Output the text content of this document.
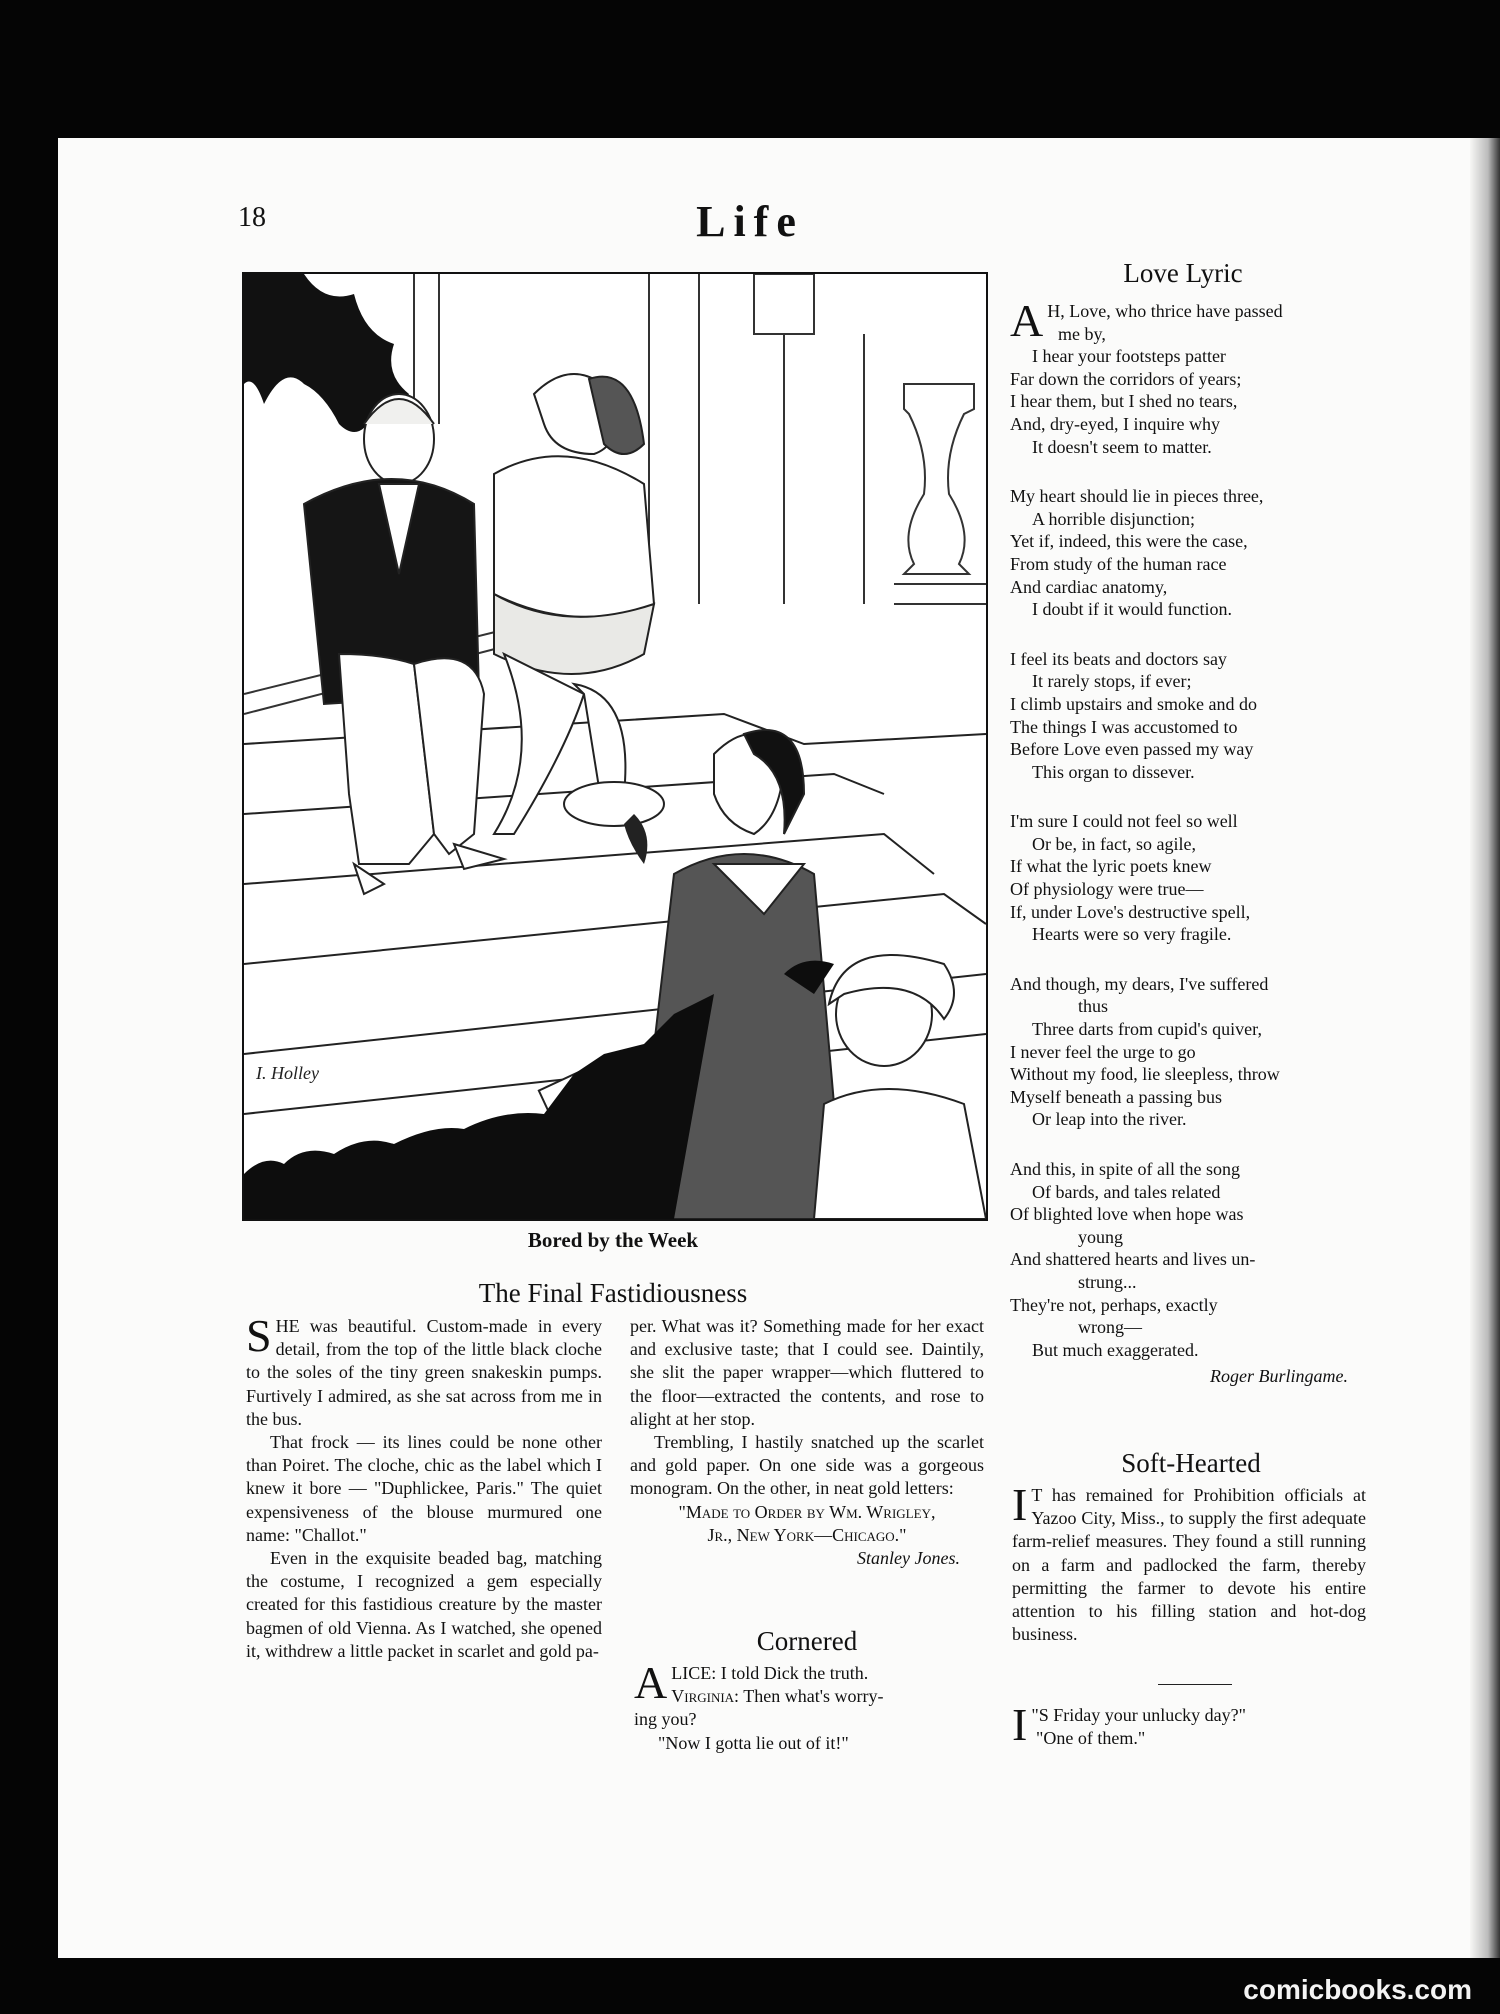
18	Life
I. Holley
Bored by the Week
The Final Fastidiousness

SHE was beautiful. Custom-made in every detail, from the top of the little black cloche to the soles of the tiny green snakeskin pumps. Furtively I admired, as she sat across from me in the bus.

That frock — its lines could be none other than Poiret. The cloche, chic as the label which I knew it bore — "Duphlickee, Paris." The quiet expensiveness of the blouse murmured one name: "Challot."

Even in the exquisite beaded bag, matching the costume, I recognized a gem especially created for this fastidious creature by the master bagmen of old Vienna. As I watched, she opened it, withdrew a little packet in scarlet and gold pa-

per. What was it? Something made for her exact and exclusive taste; that I could see. Daintily, she slit the paper wrapper—which fluttered to the floor—extracted the contents, and rose to alight at her stop.

Trembling, I hastily snatched up the scarlet and gold paper. On one side was a gorgeous monogram. On the other, in neat gold letters:

"Made to Order by Wm. Wrigley,
Jr., New York—Chicago."
Stanley Jones.
Cornered
ALICE: I told Dick the truth.
Virginia: Then what's worry-
ing you?
"Now I gotta lie out of it!"
Love Lyric
A H, Love, who thrice have passed
me by,
I hear your footsteps patter
Far down the corridors of years;
I hear them, but I shed no tears,
And, dry-eyed, I inquire why
It doesn't seem to matter.
My heart should lie in pieces three,
A horrible disjunction;
Yet if, indeed, this were the case,
From study of the human race
And cardiac anatomy,
I doubt if it would function.
I feel its beats and doctors say
It rarely stops, if ever;
I climb upstairs and smoke and do
The things I was accustomed to
Before Love even passed my way
This organ to dissever.
I'm sure I could not feel so well
Or be, in fact, so agile,
If what the lyric poets knew
Of physiology were true—
If, under Love's destructive spell,
Hearts were so very fragile.
And though, my dears, I've suffered
thus
Three darts from cupid's quiver,
I never feel the urge to go
Without my food, lie sleepless, throw
Myself beneath a passing bus
Or leap into the river.
And this, in spite of all the song
Of bards, and tales related
Of blighted love when hope was
young
And shattered hearts and lives un-
strung...
They're not, perhaps, exactly
wrong—
But much exaggerated.
Roger Burlingame.
Soft-Hearted

I T has remained for Prohibition officials at Yazoo City, Miss., to supply the first adequate farm-relief measures. They found a still running on a farm and padlocked the farm, thereby permitting the farmer to devote his entire attention to his filling station and hot-dog business.

"
I S Friday your unlucky day?"
"One of them."
comicbooks.com
